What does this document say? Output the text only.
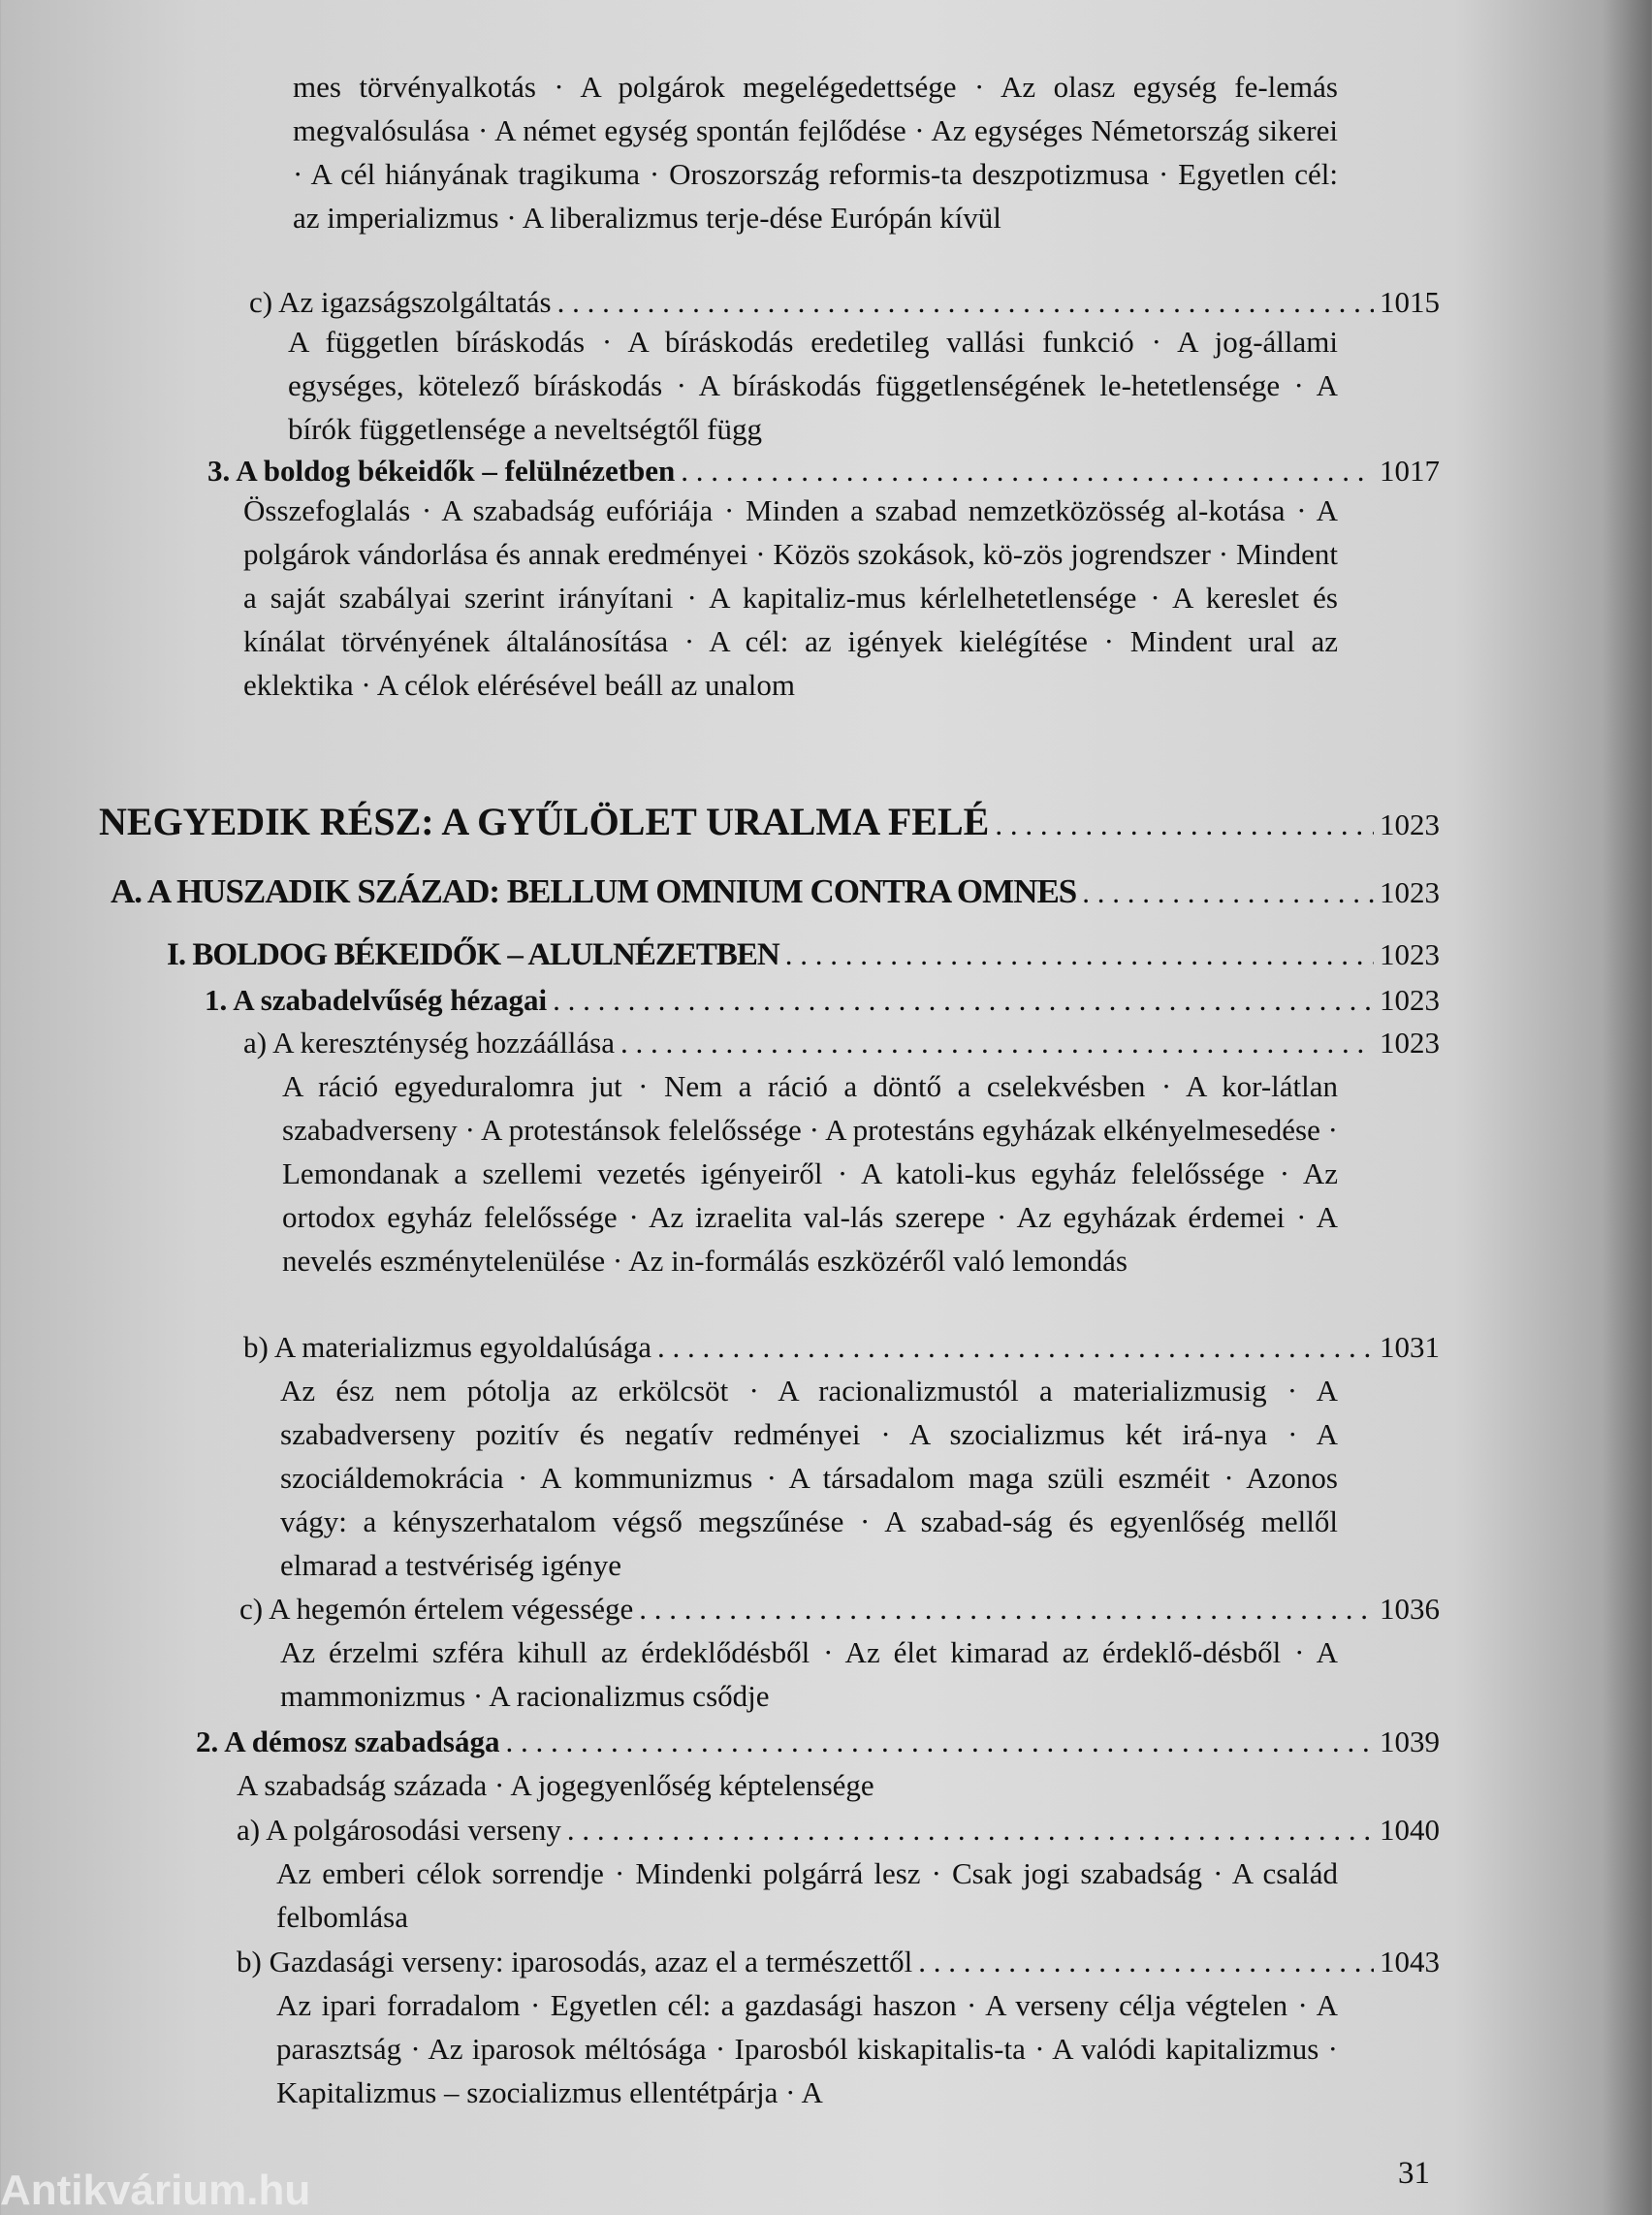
mes törvényalkotás · A polgárok megelégedettsége · Az olasz egység fe-lemás megvalósulása · A német egység spontán fejlődése · Az egységes Németország sikerei · A cél hiányának tragikuma · Oroszország reformis-ta deszpotizmusa · Egyetlen cél: az imperializmus · A liberalizmus terje-dése Európán kívül
c) Az igazságszolgáltatás . . .	1015
A független bíráskodás · A bíráskodás eredetileg vallási funkció · A jog-állami egységes, kötelező bíráskodás · A bíráskodás függetlenségének le-hetetlensége · A bírók függetlensége a neveltségtől függ
3. A boldog békeidők – felülnézetben . . .	1017
Összefoglalás · A szabadság eufóriája · Minden a szabad nemzetközösség al-kotása · A polgárok vándorlása és annak eredményei · Közös szokások, kö-zös jogrendszer · Mindent a saját szabályai szerint irányítani · A kapitaliz-mus kérlelhetetlensége · A kereslet és kínálat törvényének általánosítása · A cél: az igények kielégítése · Mindent ural az eklektika · A célok elérésével beáll az unalom
NEGYEDIK RÉSZ: A GYŰLÖLET URALMA FELÉ . . .	1023
A. A HUSZADIK SZÁZAD: BELLUM OMNIUM CONTRA OMNES . . .	1023
I. BOLDOG BÉKEIDŐK – ALULNÉZETBEN . . .	1023
1. A szabadelvűség hézagai . . .	1023
a) A kereszténység hozzáállása . . .	1023
A ráció egyeduralomra jut · Nem a ráció a döntő a cselekvésben · A kor-látlan szabadverseny · A protestánsok felelőssége · A protestáns egyházak elkényelmesedése · Lemondanak a szellemi vezetés igényeiről · A katoli-kus egyház felelőssége · Az ortodox egyház felelőssége · Az izraelita val-lás szerepe · Az egyházak érdemei · A nevelés eszménytelenülése · Az in-formálás eszközéről való lemondás
b) A materializmus egyoldalúsága . . .	1031
Az ész nem pótolja az erkölcsöt · A racionalizmustól a materializmusig · A szabadverseny pozitív és negatív redményei · A szocializmus két irá-nya · A szociáldemokrácia · A kommunizmus · A társadalom maga szüli eszméit · Azonos vágy: a kényszerhatalom végső megszűnése · A szabad-ság és egyenlőség mellől elmarad a testvériség igénye
c) A hegemón értelem végessége . . .	1036
Az érzelmi szféra kihull az érdeklődésből · Az élet kimarad az érdeklő-désből · A mammonizmus · A racionalizmus csődje
2. A démosz szabadsága . . .	1039
A szabadság százada · A jogegyenlőség képtelensége
a) A polgárosodási verseny . . .	1040
Az emberi célok sorrendje · Mindenki polgárrá lesz · Csak jogi szabadság · A család felbomlása
b) Gazdasági verseny: iparosodás, azaz el a természettől . . .	1043
Az ipari forradalom · Egyetlen cél: a gazdasági haszon · A verseny célja végtelen · A parasztság · Az iparosok méltósága · Iparosból kiskapitalis-ta · A valódi kapitalizmus · Kapitalizmus – szocializmus ellentétpárja · A
31
Antikvárium.hu
